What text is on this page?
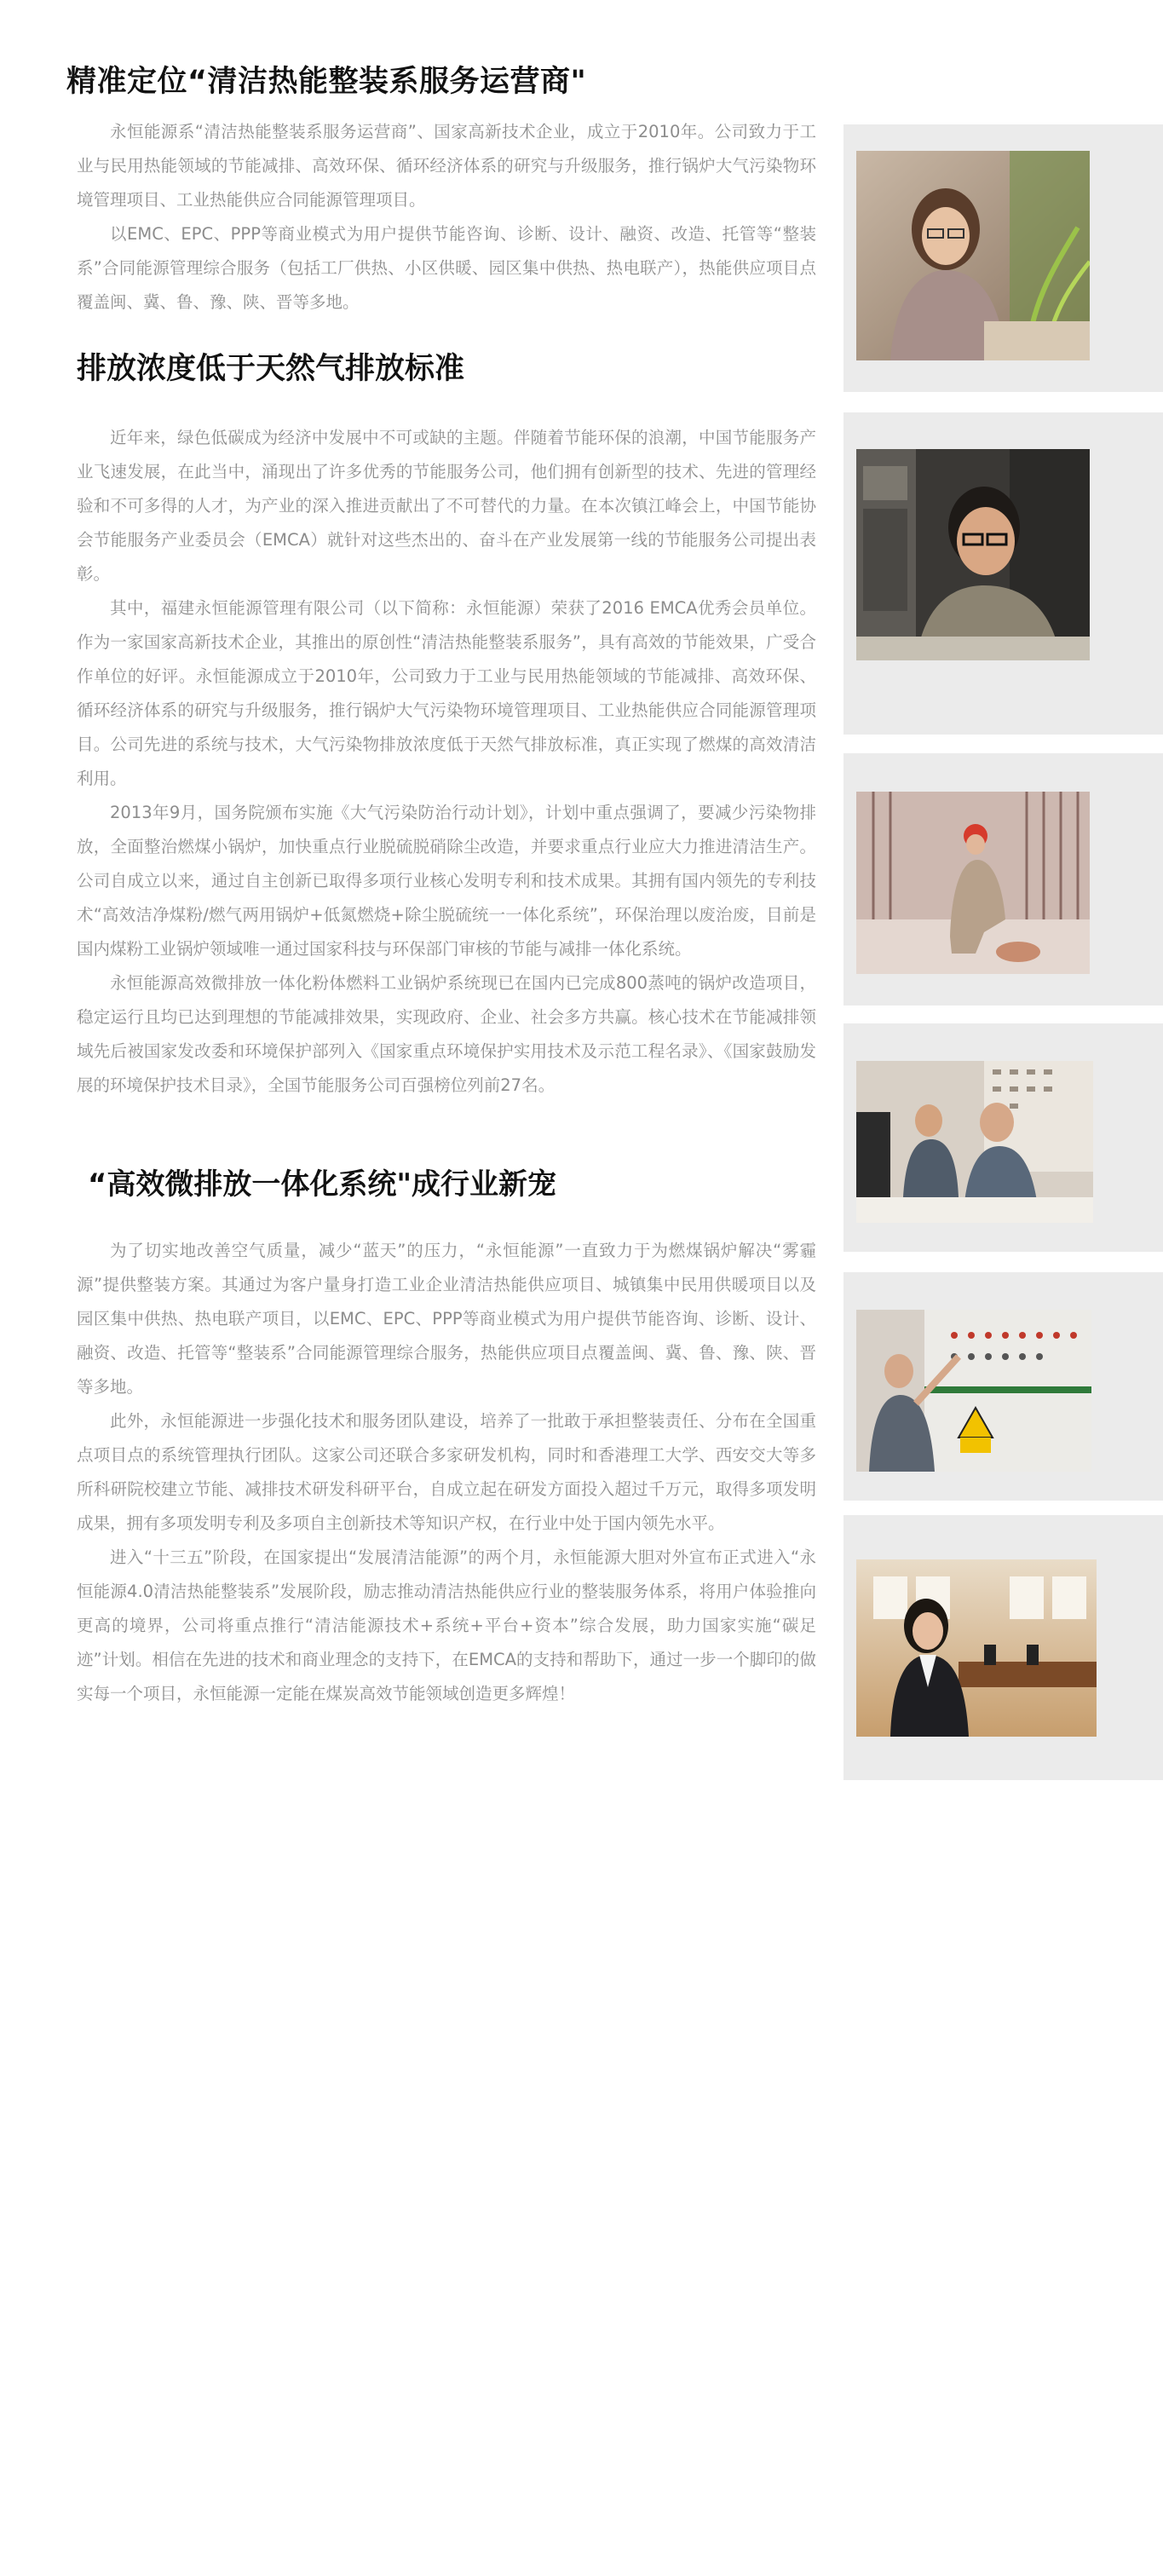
精准定位“清洁热能整装系服务运营商"

永恒能源系“清洁热能整装系服务运营商”、国家高新技术企业，成立于2010年。公司致力于工业与民用热能领域的节能减排、高效环保、循环经济体系的研究与升级服务，推行锅炉大气污染物环境管理项目、工业热能供应合同能源管理项目。

以EMC、EPC、PPP等商业模式为用户提供节能咨询、诊断、设计、融资、改造、托管等“整装系”合同能源管理综合服务（包括工厂供热、小区供暖、园区集中供热、热电联产），热能供应项目点覆盖闽、冀、鲁、豫、陕、晋等多地。

排放浓度低于天然气排放标准

近年来，绿色低碳成为经济中发展中不可或缺的主题。伴随着节能环保的浪潮，中国节能服务产业飞速发展，在此当中，涌现出了许多优秀的节能服务公司，他们拥有创新型的技术、先进的管理经验和不可多得的人才，为产业的深入推进贡献出了不可替代的力量。在本次镇江峰会上，中国节能协会节能服务产业委员会（EMCA）就针对这些杰出的、奋斗在产业发展第一线的节能服务公司提出表彰。

其中，福建永恒能源管理有限公司（以下简称：永恒能源）荣获了2016 EMCA优秀会员单位。作为一家国家高新技术企业，其推出的原创性“清洁热能整装系服务”，具有高效的节能效果，广受合作单位的好评。永恒能源成立于2010年，公司致力于工业与民用热能领域的节能减排、高效环保、循环经济体系的研究与升级服务，推行锅炉大气污染物环境管理项目、工业热能供应合同能源管理项目。公司先进的系统与技术，大气污染物排放浓度低于天然气排放标准，真正实现了燃煤的高效清洁利用。

2013年9月，国务院颁布实施《大气污染防治行动计划》，计划中重点强调了，要减少污染物排放，全面整治燃煤小锅炉，加快重点行业脱硫脱硝除尘改造，并要求重点行业应大力推进清洁生产。公司自成立以来，通过自主创新已取得多项行业核心发明专利和技术成果。其拥有国内领先的专利技术“高效洁净煤粉/燃气两用锅炉+低氮燃烧+除尘脱硫统一一体化系统”，环保治理以废治废，目前是国内煤粉工业锅炉领域唯一通过国家科技与环保部门审核的节能与减排一体化系统。

永恒能源高效微排放一体化粉体燃料工业锅炉系统现已在国内已完成800蒸吨的锅炉改造项目，稳定运行且均已达到理想的节能减排效果，实现政府、企业、社会多方共赢。核心技术在节能减排领域先后被国家发改委和环境保护部列入《国家重点环境保护实用技术及示范工程名录》、《国家鼓励发展的环境保护技术目录》，全国节能服务公司百强榜位列前27名。

“高效微排放一体化系统"成行业新宠

为了切实地改善空气质量，减少“蓝天”的压力，“永恒能源”一直致力于为燃煤锅炉解决“雾霾源”提供整装方案。其通过为客户量身打造工业企业清洁热能供应项目、城镇集中民用供暖项目以及园区集中供热、热电联产项目，以EMC、EPC、PPP等商业模式为用户提供节能咨询、诊断、设计、融资、改造、托管等“整装系”合同能源管理综合服务，热能供应项目点覆盖闽、冀、鲁、豫、陕、晋等多地。

此外，永恒能源进一步强化技术和服务团队建设，培养了一批敢于承担整装责任、分布在全国重点项目点的系统管理执行团队。这家公司还联合多家研发机构，同时和香港理工大学、西安交大等多所科研院校建立节能、减排技术研发科研平台，自成立起在研发方面投入超过千万元，取得多项发明成果，拥有多项发明专利及多项自主创新技术等知识产权，在行业中处于国内领先水平。

进入“十三五”阶段，在国家提出“发展清洁能源”的两个月，永恒能源大胆对外宣布正式进入“永恒能源4.0清洁热能整装系”发展阶段，励志推动清洁热能供应行业的整装服务体系，将用户体验推向更高的境界，公司将重点推行“清洁能源技术+系统+平台+资本”综合发展，助力国家实施“碳足迹”计划。相信在先进的技术和商业理念的支持下，在EMCA的支持和帮助下，通过一步一个脚印的做实每一个项目，永恒能源一定能在煤炭高效节能领域创造更多辉煌！
